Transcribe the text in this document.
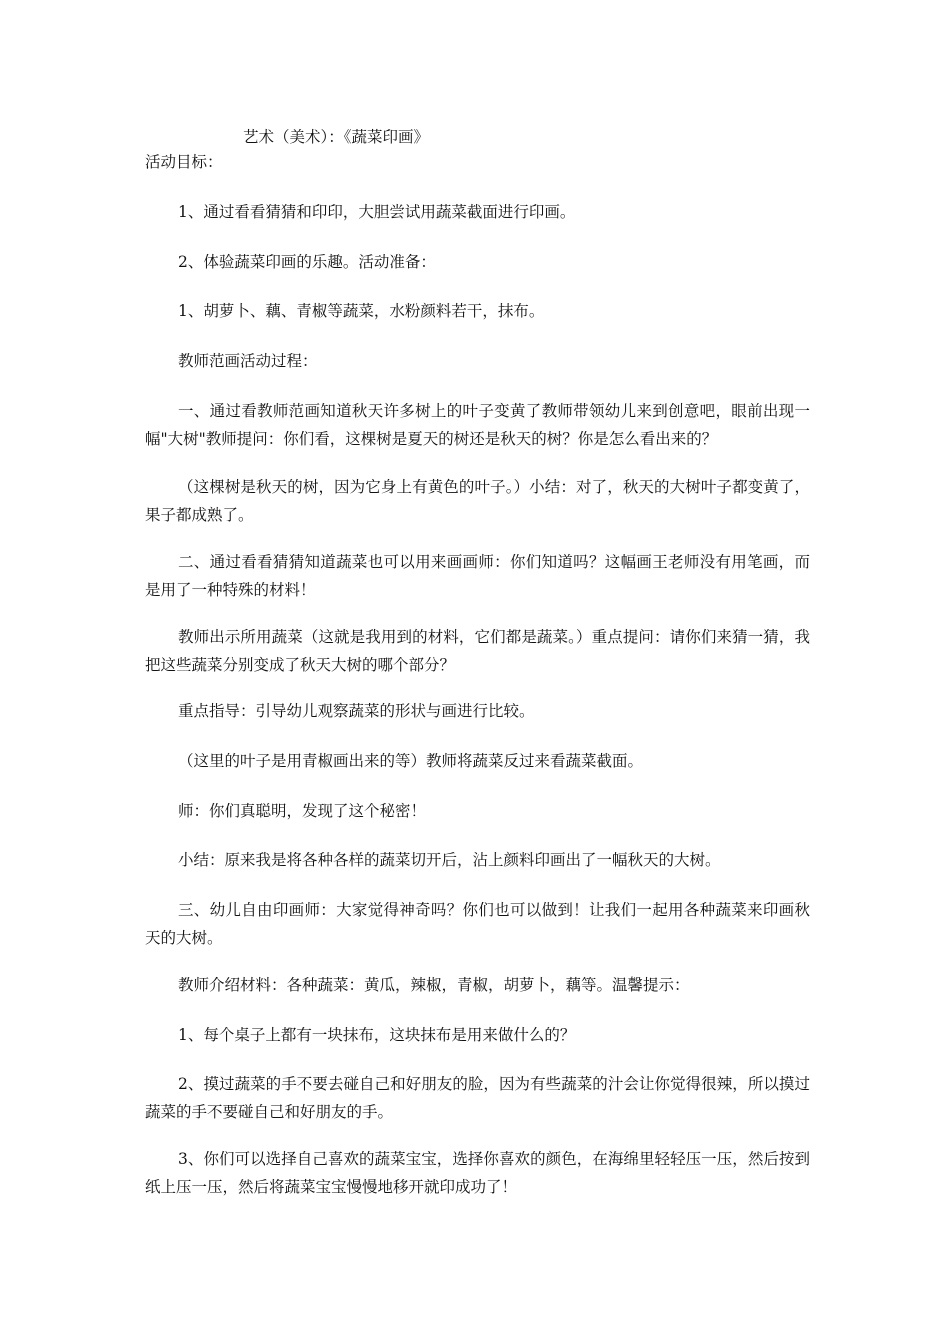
艺术（美术）：《蔬菜印画》
活动目标：

1、通过看看猜猜和印印，大胆尝试用蔬菜截面进行印画。

2、体验蔬菜印画的乐趣。活动准备：

1、胡萝卜、藕、青椒等蔬菜，水粉颜料若干，抹布。

教师范画活动过程：

一、通过看教师范画知道秋天许多树上的叶子变黄了教师带领幼儿来到创意吧，眼前出现一幅"大树"教师提问：你们看，这棵树是夏天的树还是秋天的树？你是怎么看出来的？

（这棵树是秋天的树，因为它身上有黄色的叶子。）小结：对了，秋天的大树叶子都变黄了，果子都成熟了。

二、通过看看猜猜知道蔬菜也可以用来画画师：你们知道吗？这幅画王老师没有用笔画，而是用了一种特殊的材料！

教师出示所用蔬菜（这就是我用到的材料，它们都是蔬菜。）重点提问：请你们来猜一猜，我把这些蔬菜分别变成了秋天大树的哪个部分？

重点指导：引导幼儿观察蔬菜的形状与画进行比较。

（这里的叶子是用青椒画出来的等）教师将蔬菜反过来看蔬菜截面。

师：你们真聪明，发现了这个秘密！

小结：原来我是将各种各样的蔬菜切开后，沾上颜料印画出了一幅秋天的大树。

三、幼儿自由印画师：大家觉得神奇吗？你们也可以做到！让我们一起用各种蔬菜来印画秋天的大树。

教师介绍材料：各种蔬菜：黄瓜，辣椒，青椒，胡萝卜，藕等。温馨提示：

1、每个桌子上都有一块抹布，这块抹布是用来做什么的？

2、摸过蔬菜的手不要去碰自己和好朋友的脸，因为有些蔬菜的汁会让你觉得很辣，所以摸过蔬菜的手不要碰自己和好朋友的手。

3、你们可以选择自己喜欢的蔬菜宝宝，选择你喜欢的颜色，在海绵里轻轻压一压，然后按到纸上压一压，然后将蔬菜宝宝慢慢地移开就印成功了！
